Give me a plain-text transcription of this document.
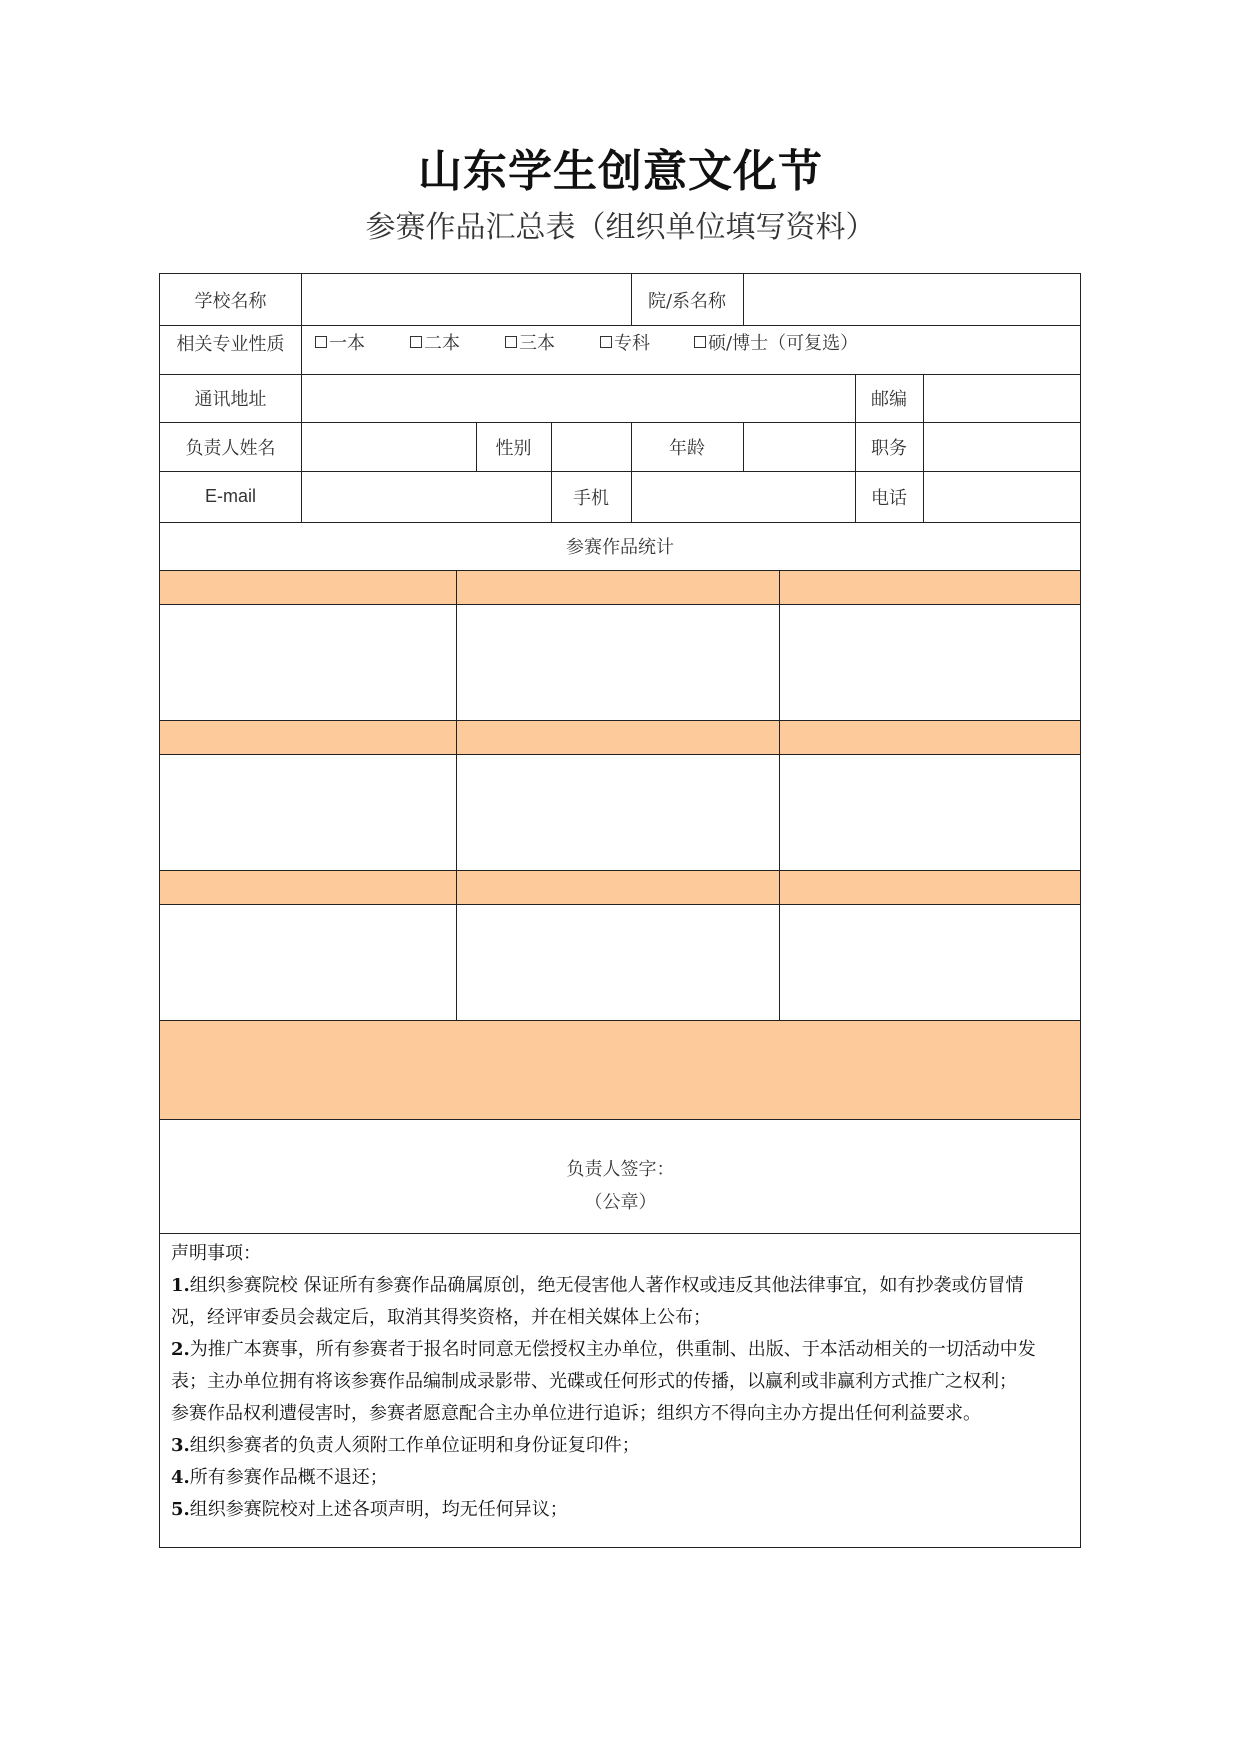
山东学生创意文化节
参赛作品汇总表（组织单位填写资料）
学校名称	院/系名称
相关专业性质	一本	二本	三本	专科	硕/博士（可复选）
通讯地址	邮编
负责人姓名	性别	年龄	职务
E-mail	手机	电话
参赛作品统计
负责人签字：
（公章）
声明事项：
1.组织参赛院校 保证所有参赛作品确属原创，绝无侵害他人著作权或违反其他法律事宜，如有抄袭或仿冒情
况，经评审委员会裁定后，取消其得奖资格，并在相关媒体上公布；
2.为推广本赛事，所有参赛者于报名时同意无偿授权主办单位，供重制、出版、于本活动相关的一切活动中发
表；主办单位拥有将该参赛作品编制成录影带、光碟或任何形式的传播，以赢利或非赢利方式推广之权利；
参赛作品权利遭侵害时，参赛者愿意配合主办单位进行追诉；组织方不得向主办方提出任何利益要求。
3.组织参赛者的负责人须附工作单位证明和身份证复印件；
4.所有参赛作品概不退还；
5.组织参赛院校对上述各项声明，均无任何异议；
